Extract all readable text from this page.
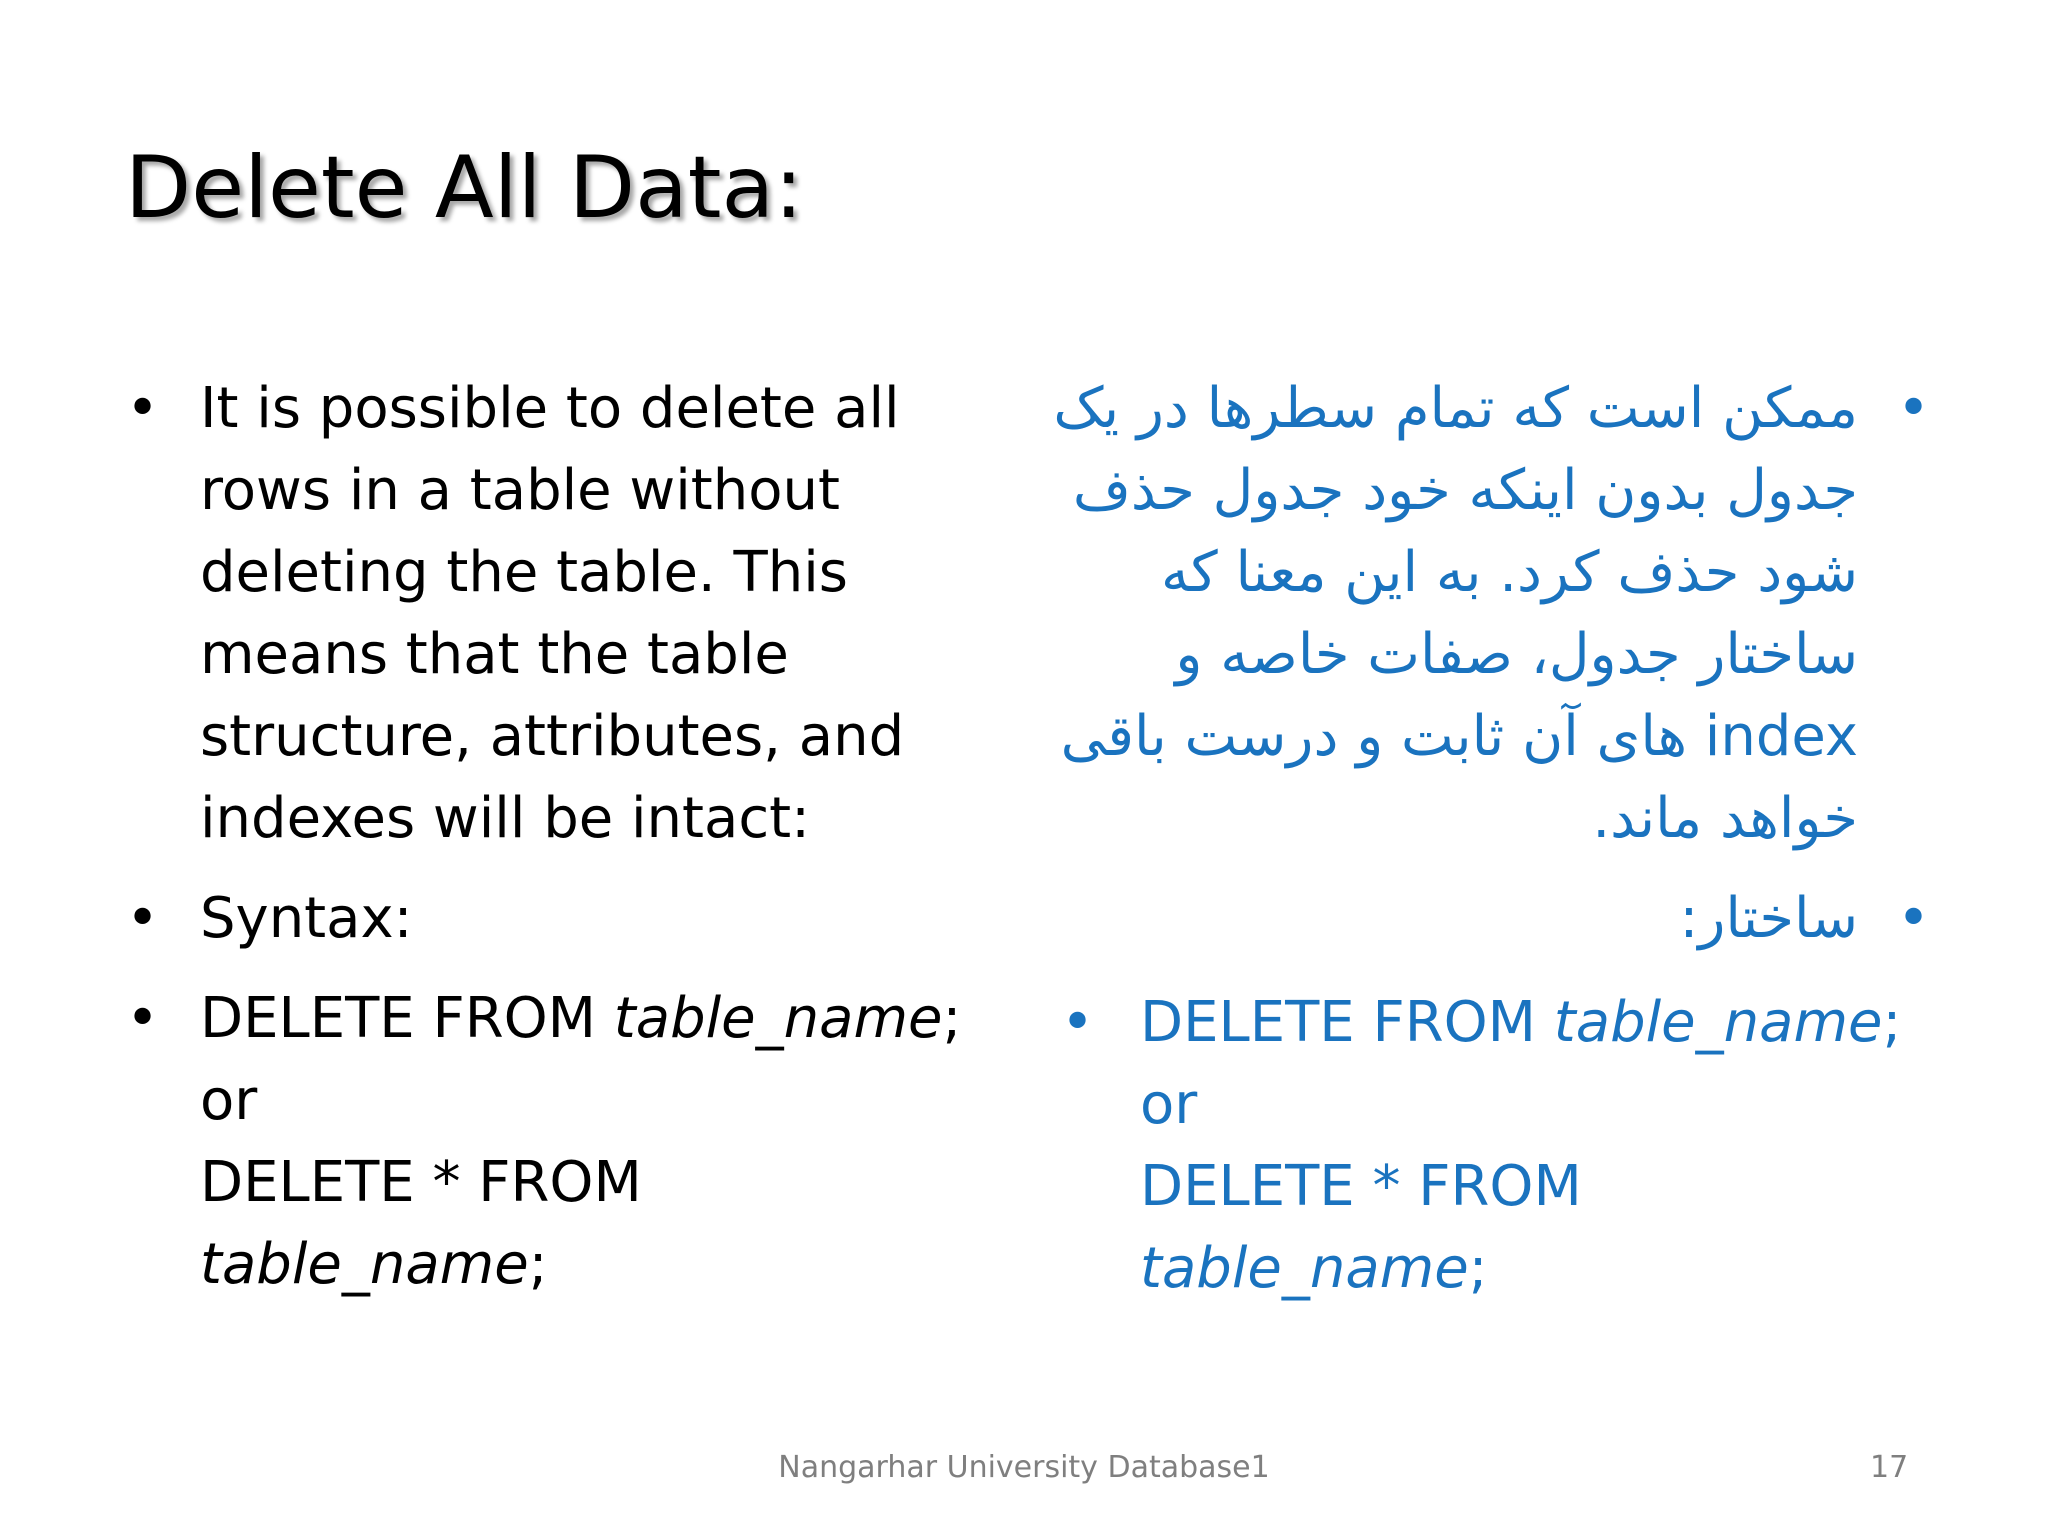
Delete All Data:
• It is possible to delete all
rows in a table without
deleting the table. This
means that the table
structure, attributes, and
indexes will be intact:
• Syntax:
• DELETE FROM table_name;
or
DELETE * FROM
table_name;
• ممکن است که تمام سطرها در یک
جدول بدون اینکه خود جدول حذف
شود حذف کرد. به این معنا که
ساختار جدول، صفات خاصه و
index های آن ثابت و درست باقی
خواهد ماند.
• ساختار:
• DELETE FROM table_name;
or
DELETE * FROM
table_name;
Nangarhar University Database1	17
